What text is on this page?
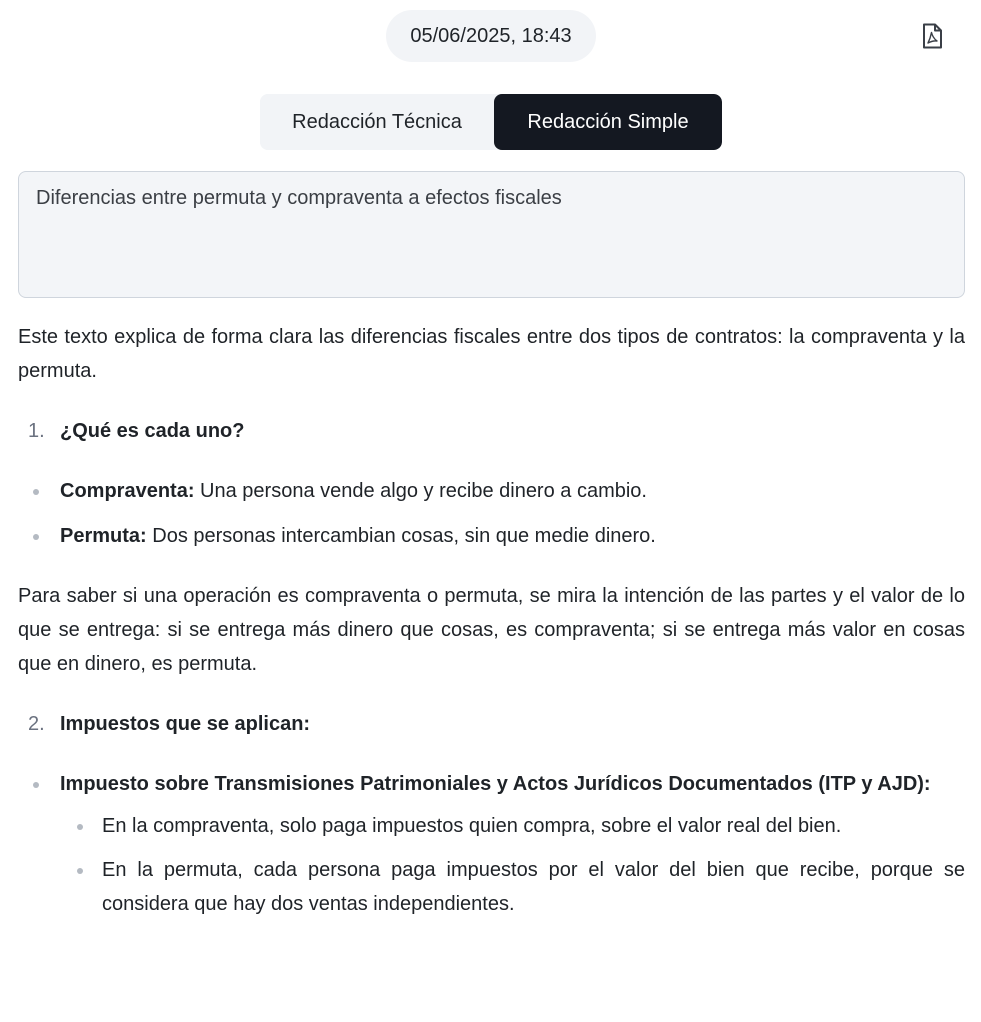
05/06/2025, 18:43
Redacción Técnica	Redacción Simple
Diferencias entre permuta y compraventa a efectos fiscales

Este texto explica de forma clara las diferencias fiscales entre dos tipos de contratos: la compraventa y la permuta.

1. ¿Qué es cada uno?
Compraventa: Una persona vende algo y recibe dinero a cambio.
Permuta: Dos personas intercambian cosas, sin que medie dinero.

Para saber si una operación es compraventa o permuta, se mira la intención de las partes y el valor de lo que se entrega: si se entrega más dinero que cosas, es compraventa; si se entrega más valor en cosas que en dinero, es permuta.

2. Impuestos que se aplican:
Impuesto sobre Transmisiones Patrimoniales y Actos Jurídicos Documentados (ITP y AJD):
En la compraventa, solo paga impuestos quien compra, sobre el valor real del bien.
En la permuta, cada persona paga impuestos por el valor del bien que recibe, porque se considera que hay dos ventas independientes.
